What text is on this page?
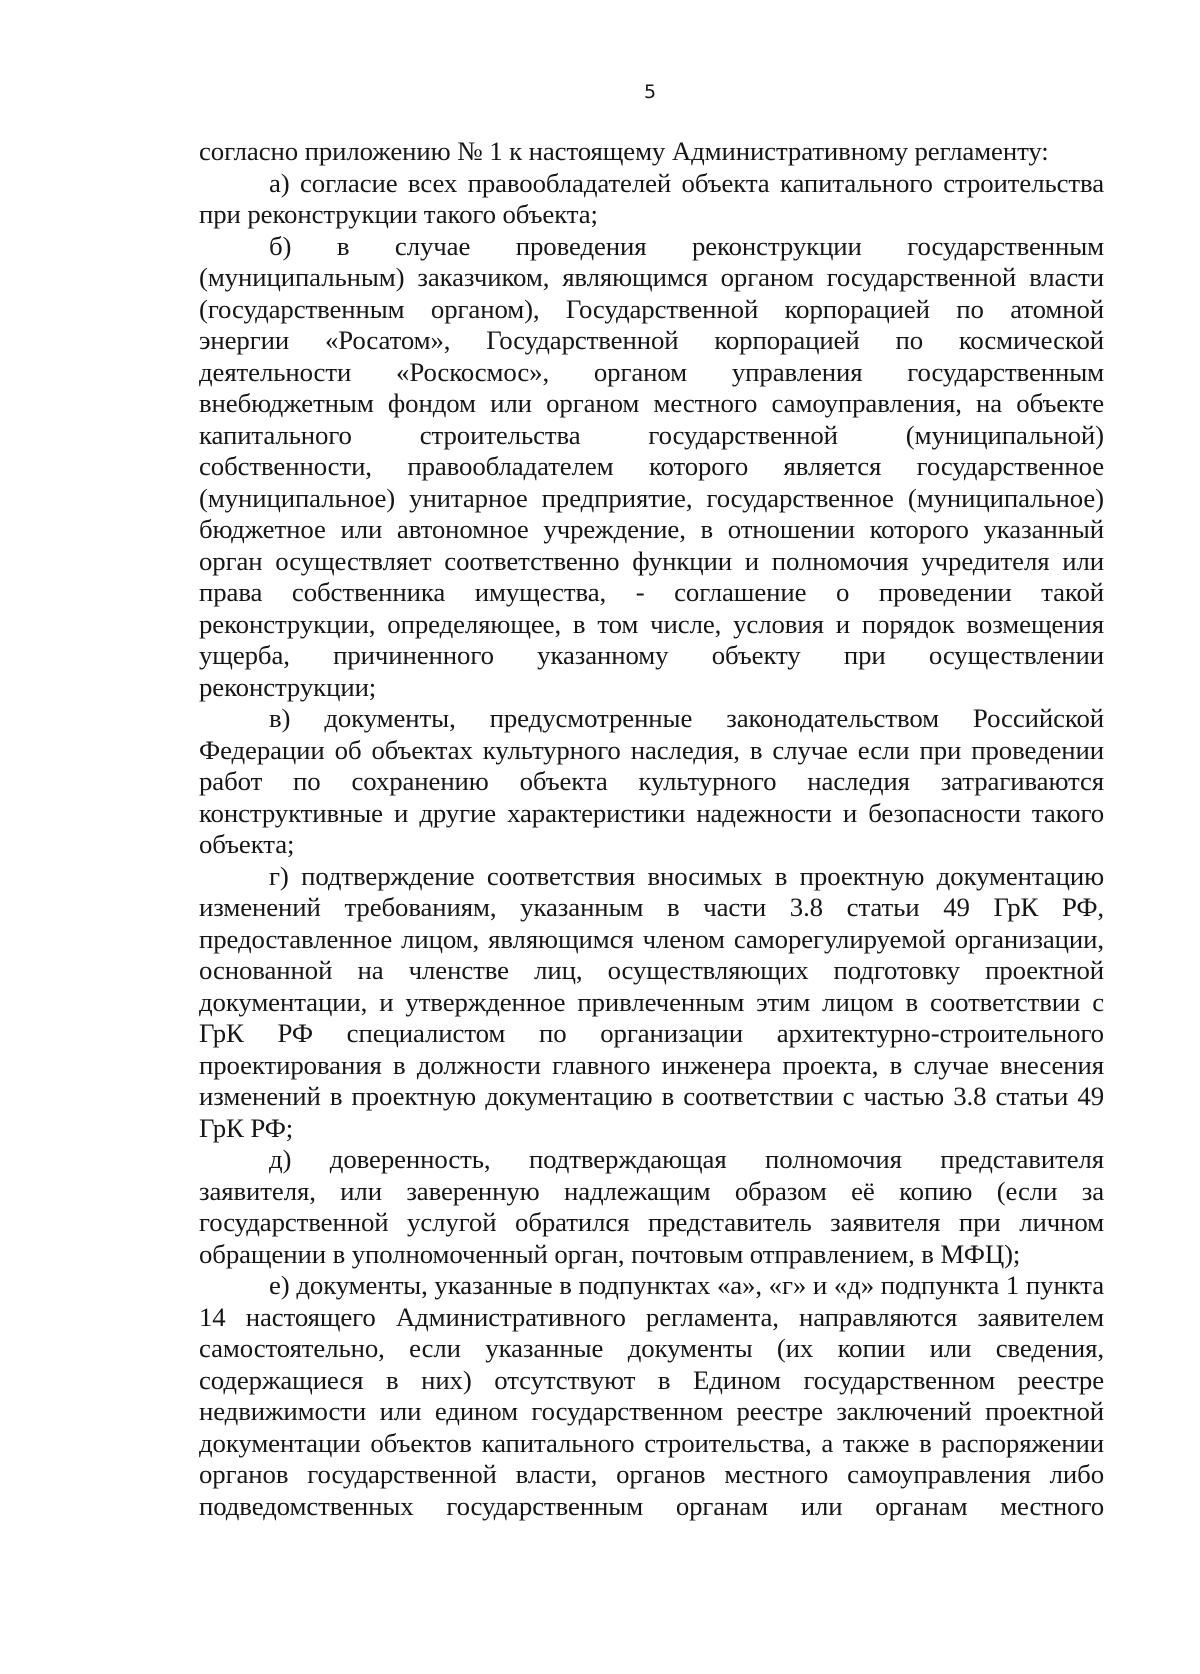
5
согласно приложению № 1 к настоящему Административному регламенту:
а) согласие всех правообладателей объекта капитального строительства
при реконструкции такого объекта;
б) в случае проведения реконструкции государственным
(муниципальным) заказчиком, являющимся органом государственной власти
(государственным органом), Государственной корпорацией по атомной
энергии «Росатом», Государственной корпорацией по космической
деятельности «Роскосмос», органом управления государственным
внебюджетным фондом или органом местного самоуправления, на объекте
капитального строительства государственной (муниципальной)
собственности, правообладателем которого является государственное
(муниципальное) унитарное предприятие, государственное (муниципальное)
бюджетное или автономное учреждение, в отношении которого указанный
орган осуществляет соответственно функции и полномочия учредителя или
права собственника имущества, - соглашение о проведении такой
реконструкции, определяющее, в том числе, условия и порядок возмещения
ущерба, причиненного указанному объекту при осуществлении
реконструкции;
в) документы, предусмотренные законодательством Российской
Федерации об объектах культурного наследия, в случае если при проведении
работ по сохранению объекта культурного наследия затрагиваются
конструктивные и другие характеристики надежности и безопасности такого
объекта;
г) подтверждение соответствия вносимых в проектную документацию
изменений требованиям, указанным в части 3.8 статьи 49 ГрК РФ,
предоставленное лицом, являющимся членом саморегулируемой организации,
основанной на членстве лиц, осуществляющих подготовку проектной
документации, и утвержденное привлеченным этим лицом в соответствии с
ГрК РФ специалистом по организации архитектурно-строительного
проектирования в должности главного инженера проекта, в случае внесения
изменений в проектную документацию в соответствии с частью 3.8 статьи 49
ГрК РФ;
д) доверенность, подтверждающая полномочия представителя
заявителя, или заверенную надлежащим образом её копию (если за
государственной услугой обратился представитель заявителя при личном
обращении в уполномоченный орган, почтовым отправлением, в МФЦ);
е) документы, указанные в подпунктах «а», «г» и «д» подпункта 1 пункта
14 настоящего Административного регламента, направляются заявителем
самостоятельно, если указанные документы (их копии или сведения,
содержащиеся в них) отсутствуют в Едином государственном реестре
недвижимости или едином государственном реестре заключений проектной
документации объектов капитального строительства, а также в распоряжении
органов государственной власти, органов местного самоуправления либо
подведомственных государственным органам или органам местного
